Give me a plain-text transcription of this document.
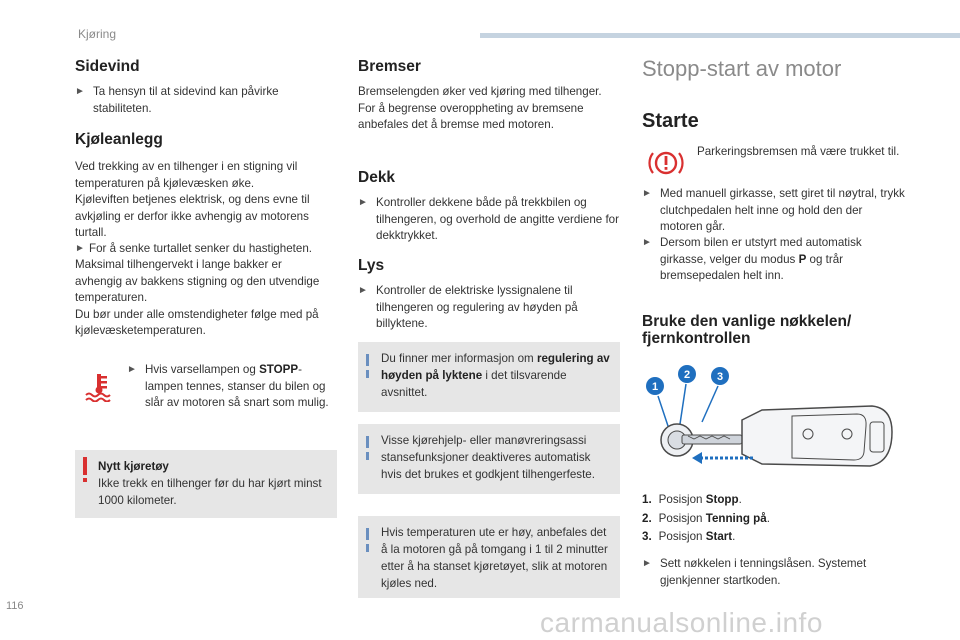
Kjøring
Sidevind
► Ta hensyn til at sidevind kan påvirke stabiliteten.
Kjøleanlegg
Ved trekking av en tilhenger i en stigning vil
temperaturen på kjølevæsken øke.
Kjøleviften betjenes elektrisk, og dens evne til
avkjøling er derfor ikke avhengig av motorens
turtall.
► For å senke turtallet senker du hastigheten.
Maksimal tilhengervekt i lange bakker er
avhengig av bakkens stigning og den utvendige
temperaturen.
Du bør under alle omstendigheter følge med på
kjølevæsketemperaturen.
► Hvis varsellampen og STOPP-lampen tennes, stanser du bilen og slår av motoren så snart som mulig.
Nytt kjøretøy
Ikke trekk en tilhenger før du har kjørt minst 1000 kilometer.
Bremser
Bremselengden øker ved kjøring med tilhenger. For å begrense overoppheting av bremsene anbefales det å bremse med motoren.
Dekk
► Kontroller dekkene både på trekkbilen og tilhengeren, og overhold de angitte verdiene for dekktrykket.
Lys
► Kontroller de elektriske lyssignalene til tilhengeren og regulering av høyden på billyktene.
Du finner mer informasjon om regulering av høyden på lyktene i det tilsvarende avsnittet.
Visse kjørehjelp- eller manøvreringsassi stansefunksjoner deaktiveres automatisk hvis det brukes et godkjent tilhengerfeste.
Hvis temperaturen ute er høy, anbefales det å la motoren gå på tomgang i 1 til 2 minutter etter å ha stanset kjøretøyet, slik at motoren kjøles ned.
Stopp-start av motor
Starte
Parkeringsbremsen må være trukket til.
► Med manuell girkasse, sett giret til nøytral, trykk clutchpedalen helt inne og hold den der motoren går.
► Dersom bilen er utstyrt med automatisk girkasse, velger du modus P og trår bremsepedalen helt inn.
Bruke den vanlige nøkkelen/
fjernkontrollen
1
2 3
1. Posisjon Stopp.
2. Posisjon Tenning på.
3. Posisjon Start.
► Sett nøkkelen i tenningslåsen. Systemet gjenkjenner startkoden.
116
carmanualsonline.info
